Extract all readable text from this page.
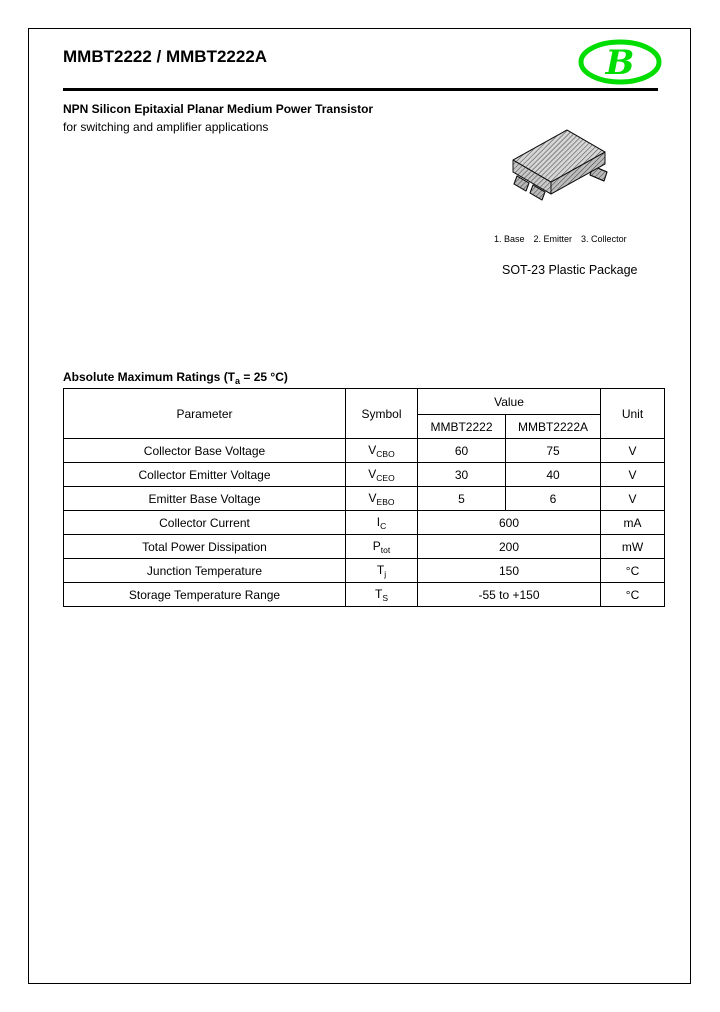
MMBT2222 / MMBT2222A	B
NPN Silicon Epitaxial Planar Medium Power Transistor
for switching and amplifier applications
1. Base 2. Emitter 3. Collector
SOT-23 Plastic Package
Absolute Maximum Ratings ($T_a = 25$ °C)
Parameter	Symbol	Value		Unit
		MMBT2222	MMBT2222A	
Collector Base Voltage	$V_{CBO}$	60	75	V
Collector Emitter Voltage	$V_{CEO}$	30	40	V
Emitter Base Voltage	$V_{EBO}$	5	6	V
Collector Current	$I_C$	600		mA
Total Power Dissipation	$P_{tot}$	200		mW
Junction Temperature	$T_j$	150		°C
Storage Temperature Range	$T_S$	-55 to +150		°C
